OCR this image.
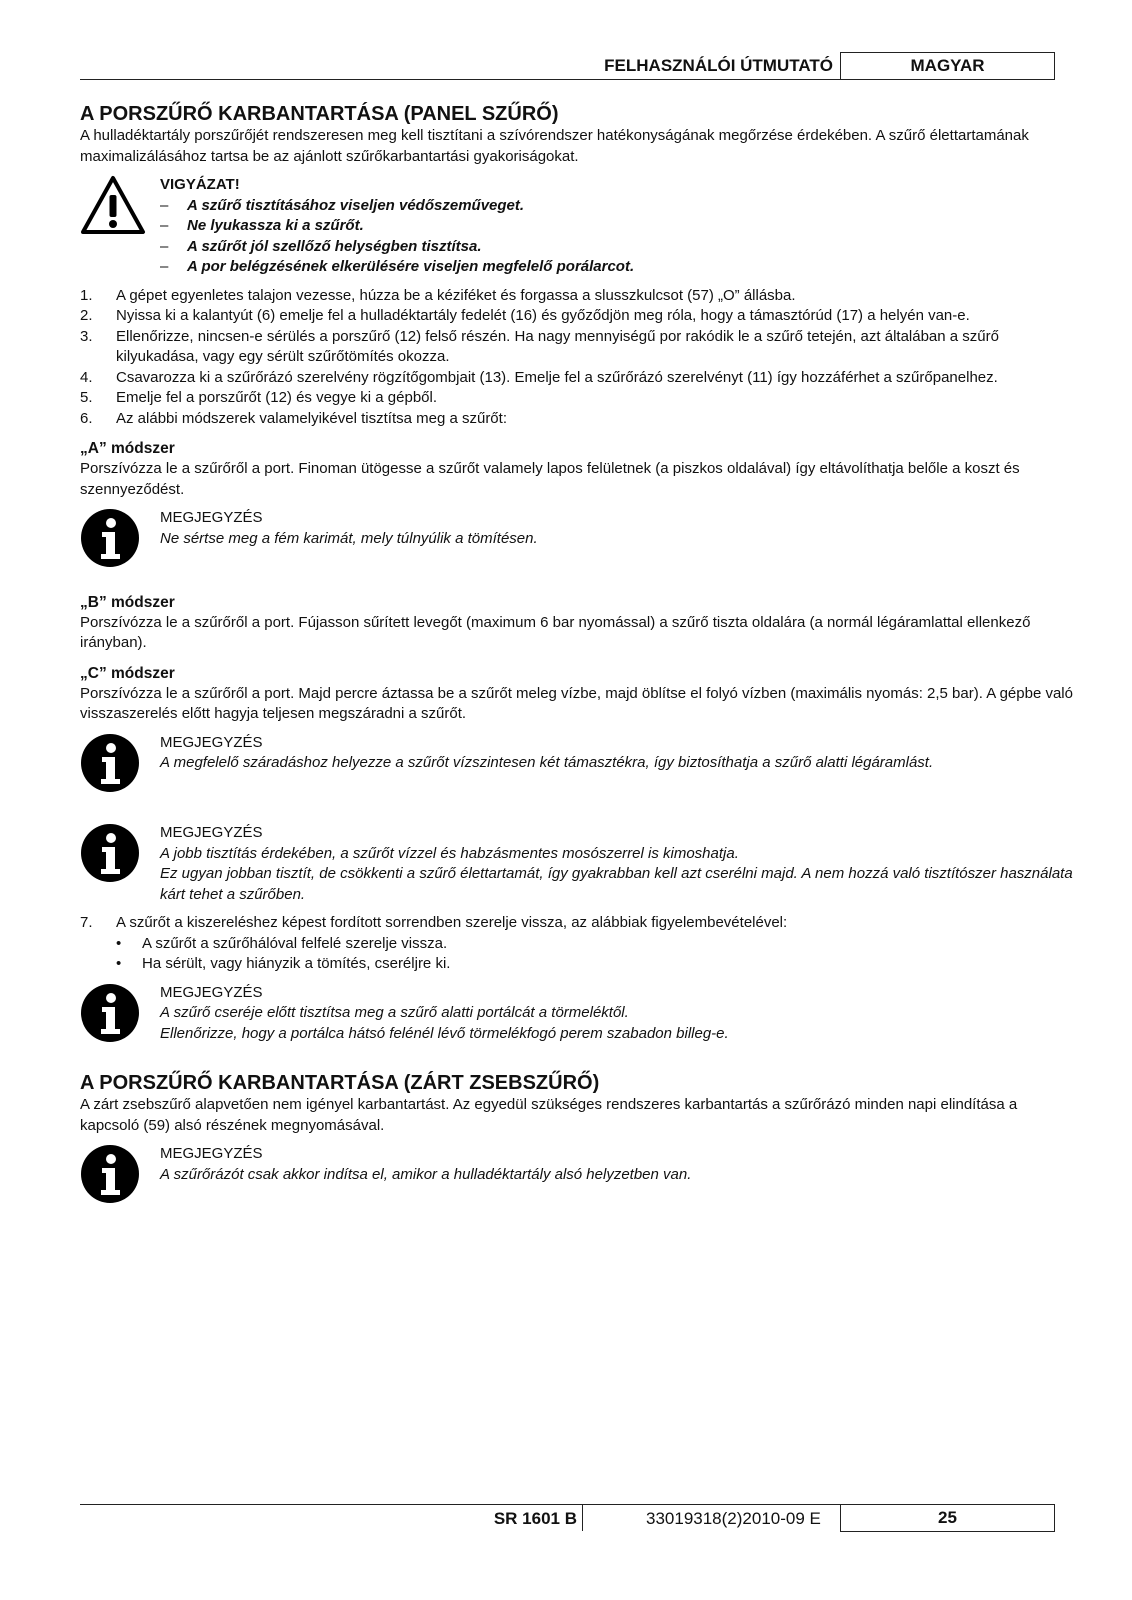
FELHASZNÁLÓI ÚTMUTATÓ	MAGYAR
A PORSZŰRŐ KARBANTARTÁSA (PANEL SZŰRŐ)

A hulladéktartály porszűrőjét rendszeresen meg kell tisztítani a szívórendszer hatékonyságának megőrzése érdekében. A szűrő élettartamának maximalizálásához tartsa be az ajánlott szűrőkarbantartási gyakoriságokat.

VIGYÁZAT!
–	A szűrő tisztításához viseljen védőszeműveget.
–	Ne lyukassza ki a szűrőt.
–	A szűrőt jól szellőző helységben tisztítsa.
–	A por belégzésének elkerülésére viseljen megfelelő porálarcot.
1.	A gépet egyenletes talajon vezesse, húzza be a kéziféket és forgassa a slusszkulcsot (57) „O” állásba.
2.	Nyissa ki a kalantyút (6) emelje fel a hulladéktartály fedelét (16) és győződjön meg róla, hogy a támasztórúd (17) a helyén van-e.
3.	Ellenőrizze, nincsen-e sérülés a porszűrő (12) felső részén. Ha nagy mennyiségű por rakódik le a szűrő tetején, azt általában a szűrő kilyukadása, vagy egy sérült szűrőtömítés okozza.
4.	Csavarozza ki a szűrőrázó szerelvény rögzítőgombjait (13). Emelje fel a szűrőrázó szerelvényt (11) így hozzáférhet a szűrőpanelhez.
5.	Emelje fel a porszűrőt (12) és vegye ki a gépből.
6.	Az alábbi módszerek valamelyikével tisztítsa meg a szűrőt:
„A” módszer

Porszívózza le a szűrőről a port. Finoman ütögesse a szűrőt valamely lapos felületnek (a piszkos oldalával) így eltávolíthatja belőle a koszt és szennyeződést.

MEGJEGYZÉS
Ne sértse meg a fém karimát, mely túlnyúlik a tömítésen.
„B” módszer

Porszívózza le a szűrőről a port. Fújasson sűrített levegőt (maximum 6 bar nyomással) a szűrő tiszta oldalára (a normál légáramlattal ellenkező irányban).

„C” módszer

Porszívózza le a szűrőről a port. Majd percre áztassa be a szűrőt meleg vízbe, majd öblítse el folyó vízben (maximális nyomás: 2,5 bar). A gépbe való visszaszerelés előtt hagyja teljesen megszáradni a szűrőt.

MEGJEGYZÉS
A megfelelő száradáshoz helyezze a szűrőt vízszintesen két támasztékra, így biztosíthatja a szűrő alatti légáramlást.
MEGJEGYZÉS
A jobb tisztítás érdekében, a szűrőt vízzel és habzásmentes mosószerrel is kimoshatja.
Ez ugyan jobban tisztít, de csökkenti a szűrő élettartamát, így gyakrabban kell azt cserélni majd. A nem hozzá való tisztítószer használata kárt tehet a szűrőben.
7.	A szűrőt a kiszereléshez képest fordított sorrendben szerelje vissza, az alábbiak figyelembevételével:
•	A szűrőt a szűrőhálóval felfelé szerelje vissza.
•	Ha sérült, vagy hiányzik a tömítés, cseréljre ki.
MEGJEGYZÉS
A szűrő cseréje előtt tisztítsa meg a szűrő alatti portálcát a törmeléktől.
Ellenőrizze, hogy a portálca hátsó felénél lévő törmelékfogó perem szabadon billeg-e.
A PORSZŰRŐ KARBANTARTÁSA (ZÁRT ZSEBSZŰRŐ)

A zárt zsebszűrő alapvetően nem igényel karbantartást. Az egyedül szükséges rendszeres karbantartás a szűrőrázó minden napi elindítása a kapcsoló (59) alsó részének megnyomásával.

MEGJEGYZÉS
A szűrőrázót csak akkor indítsa el, amikor a hulladéktartály alsó helyzetben van.
SR 1601 B	33019318(2)2010-09 E	25
